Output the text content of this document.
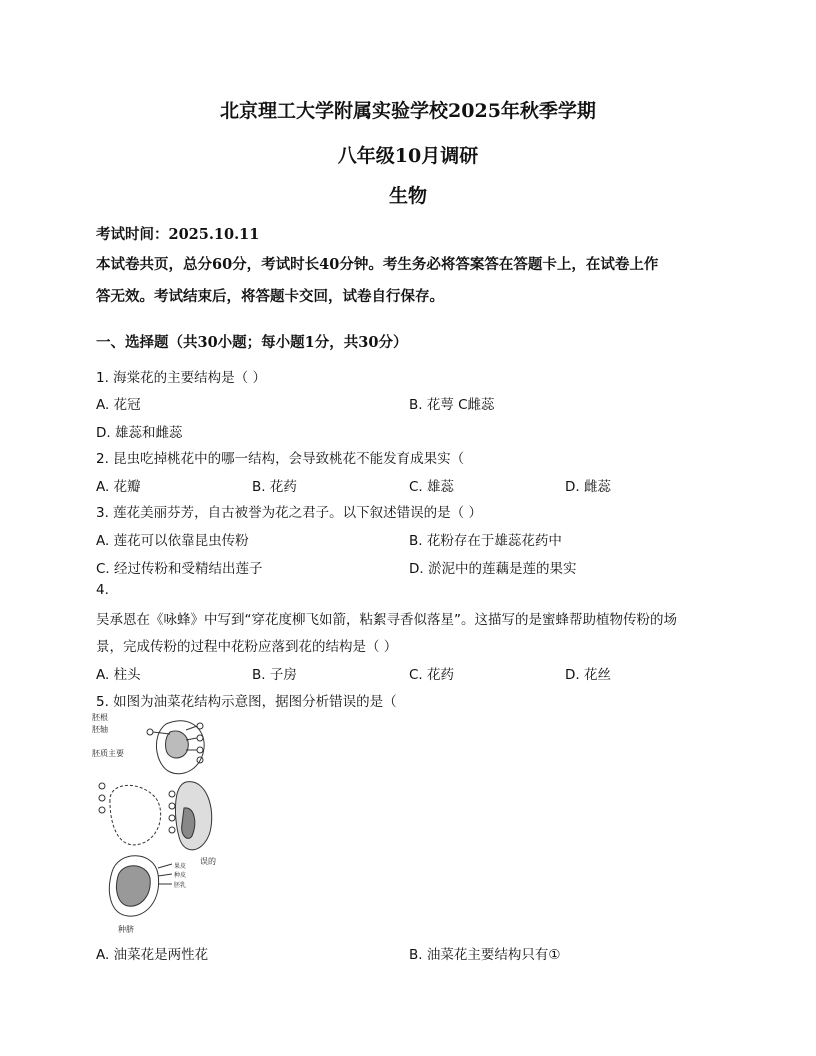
北京理工大学附属实验学校2025年秋季学期
八年级10月调研
生物
考试时间：2025.10.11
本试卷共页，总分60分，考试时长40分钟。考生务必将答案答在答题卡上，在试卷上作
答无效。考试结束后，将答题卡交回，试卷自行保存。
一、选择题（共30小题；每小题1分，共30分）
1. 海棠花的主要结构是（ ）
A. 花冠	B. 花萼 C雌蕊
D. 雄蕊和雌蕊
2. 昆虫吃掉桃花中的哪一结构，会导致桃花不能发育成果实（
A. 花瓣	B. 花药	C. 雄蕊	D. 雌蕊
3. 莲花美丽芬芳，自古被誉为花之君子。以下叙述错误的是（ ）
A. 莲花可以依靠昆虫传粉	B. 花粉存在于雄蕊花药中
C. 经过传粉和受精结出莲子	D. 淤泥中的莲藕是莲的果实
4.
吴承恩在《咏蜂》中写到“穿花度柳飞如箭，粘絮寻香似落星”。这描写的是蜜蜂帮助植物传粉的场
景，完成传粉的过程中花粉应落到花的结构是（ ）
A. 柱头	B. 子房	C. 花药	D. 花丝
5. 如图为油菜花结构示意图，据图分析错误的是（
胚根
胚轴
胚质主要
误的
果皮
种皮
胚乳
种脐
A. 油菜花是两性花	B. 油菜花主要结构只有①
